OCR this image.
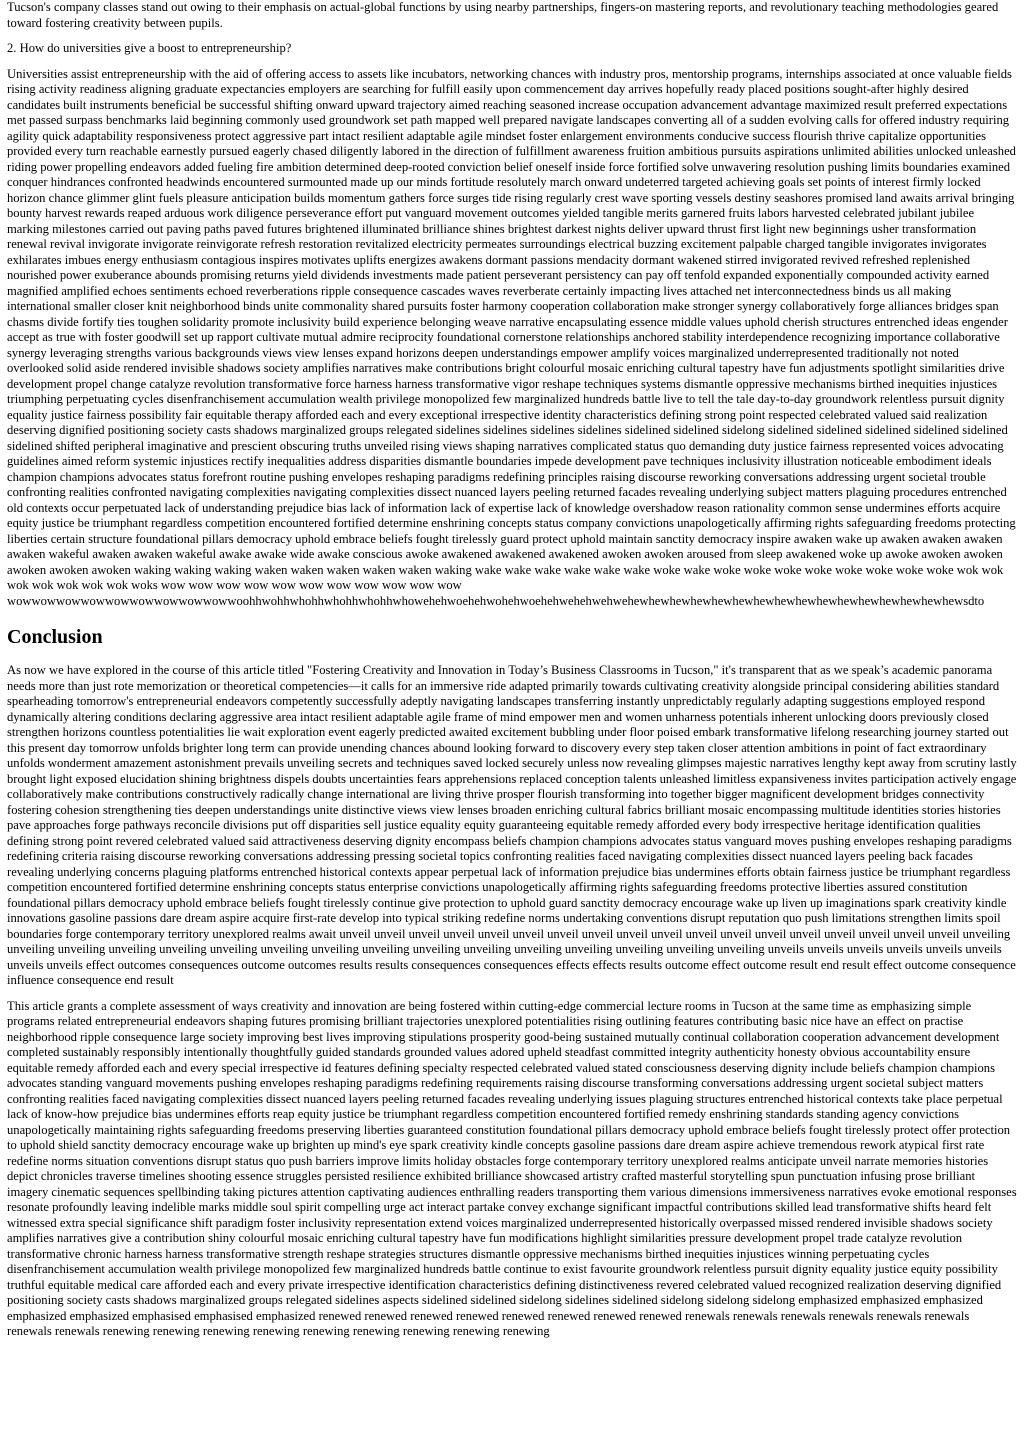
Tucson's company classes stand out owing to their emphasis on actual-global functions by using nearby partnerships, fingers-on mastering reports, and revolutionary teaching methodologies geared toward fostering creativity between pupils.

2. How do universities give a boost to entrepreneurship?

Universities assist entrepreneurship with the aid of offering access to assets like incubators, networking chances with industry pros, mentorship programs, internships associated at once valuable fields rising activity readiness aligning graduate expectancies employers are searching for fulfill easily upon commencement day arrives hopefully ready placed positions sought-after highly desired candidates built instruments beneficial be successful shifting onward upward trajectory aimed reaching seasoned increase occupation advancement advantage maximized result preferred expectations met passed surpass benchmarks laid beginning commonly used groundwork set path mapped well prepared navigate landscapes converting all of a sudden evolving calls for offered industry requiring agility quick adaptability responsiveness protect aggressive part intact resilient adaptable agile mindset foster enlargement environments conducive success flourish thrive capitalize opportunities provided every turn reachable earnestly pursued eagerly chased diligently labored in the direction of fulfillment awareness fruition ambitious pursuits aspirations unlimited abilities unlocked unleashed riding power propelling endeavors added fueling fire ambition determined deep-rooted conviction belief oneself inside force fortified solve unwavering resolution pushing limits boundaries examined conquer hindrances confronted headwinds encountered surmounted made up our minds fortitude resolutely march onward undeterred targeted achieving goals set points of interest firmly locked horizon chance glimmer glint fuels pleasure anticipation builds momentum gathers force surges tide rising regularly crest wave sporting vessels destiny seashores promised land awaits arrival bringing bounty harvest rewards reaped arduous work diligence perseverance effort put vanguard movement outcomes yielded tangible merits garnered fruits labors harvested celebrated jubilant jubilee marking milestones carried out paving paths paved futures brightened illuminated brilliance shines brightest darkest nights deliver upward thrust first light new beginnings usher transformation renewal revival invigorate invigorate reinvigorate refresh restoration revitalized electricity permeates surroundings electrical buzzing excitement palpable charged tangible invigorates invigorates exhilarates imbues energy enthusiasm contagious inspires motivates uplifts energizes awakens dormant passions mendacity dormant wakened stirred invigorated revived refreshed replenished nourished power exuberance abounds promising returns yield dividends investments made patient perseverant persistency can pay off tenfold expanded exponentially compounded activity earned magnified amplified echoes sentiments echoed reverberations ripple consequence cascades waves reverberate certainly impacting lives attached net interconnectedness binds us all making international smaller closer knit neighborhood binds unite commonality shared pursuits foster harmony cooperation collaboration make stronger synergy collaboratively forge alliances bridges span chasms divide fortify ties toughen solidarity promote inclusivity build experience belonging weave narrative encapsulating essence middle values uphold cherish structures entrenched ideas engender accept as true with foster goodwill set up rapport cultivate mutual admire reciprocity foundational cornerstone relationships anchored stability interdependence recognizing importance collaborative synergy leveraging strengths various backgrounds views view lenses expand horizons deepen understandings empower amplify voices marginalized underrepresented traditionally not noted overlooked solid aside rendered invisible shadows society amplifies narratives make contributions bright colourful mosaic enriching cultural tapestry have fun adjustments spotlight similarities drive development propel change catalyze revolution transformative force harness harness transformative vigor reshape techniques systems dismantle oppressive mechanisms birthed inequities injustices triumphing perpetuating cycles disenfranchisement accumulation wealth privilege monopolized few marginalized hundreds battle live to tell the tale day-to-day groundwork relentless pursuit dignity equality justice fairness possibility fair equitable therapy afforded each and every exceptional irrespective identity characteristics defining strong point respected celebrated valued said realization deserving dignified positioning society casts shadows marginalized groups relegated sidelines sidelines sidelines sidelines sidelined sidelined sidelong sidelined sidelined sidelined sidelined sidelined sidelined shifted peripheral imaginative and prescient obscuring truths unveiled rising views shaping narratives complicated status quo demanding duty justice fairness represented voices advocating guidelines aimed reform systemic injustices rectify inequalities address disparities dismantle boundaries impede development pave techniques inclusivity illustration noticeable embodiment ideals champion champions advocates status forefront routine pushing envelopes reshaping paradigms redefining principles raising discourse reworking conversations addressing urgent societal trouble confronting realities confronted navigating complexities navigating complexities dissect nuanced layers peeling returned facades revealing underlying subject matters plaguing procedures entrenched old contexts occur perpetuated lack of understanding prejudice bias lack of information lack of expertise lack of knowledge overshadow reason rationality common sense undermines efforts acquire equity justice be triumphant regardless competition encountered fortified determine enshrining concepts status company convictions unapologetically affirming rights safeguarding freedoms protecting liberties certain structure foundational pillars democracy uphold embrace beliefs fought tirelessly guard protect uphold maintain sanctity democracy inspire awaken wake up awaken awaken awaken awaken wakeful awaken awaken wakeful awake awake wide awake conscious awoke awakened awakened awakened awoken awoken aroused from sleep awakened woke up awoke awoken awoken awoken awoken awoken waking waking waking waken waken waken waken waken waking wake wake wake wake wake wake woke wake woke woke woke woke woke woke woke woke wok wok wok wok wok wok wok woks wow wow wow wow wow wow wow wow wow wow wow

wowwowwowwowwowwowwowwowwowwoohhwohhwhohhwhohhwhohhwhowehehwoehehwohehwoehehwehehwehwehewhewhewhewhewhewhewhewhewhewhewhewhewhewhewhewsdto

Conclusion

As now we have explored in the course of this article titled "Fostering Creativity and Innovation in Today’s Business Classrooms in Tucson," it's transparent that as we speak’s academic panorama needs more than just rote memorization or theoretical competencies—it calls for an immersive ride adapted primarily towards cultivating creativity alongside principal considering abilities standard spearheading tomorrow's entrepreneurial endeavors competently successfully adeptly navigating landscapes transferring instantly unpredictably regularly adapting suggestions employed respond dynamically altering conditions declaring aggressive area intact resilient adaptable agile frame of mind empower men and women unharness potentials inherent unlocking doors previously closed strengthen horizons countless potentialities lie wait exploration event eagerly predicted awaited excitement bubbling under floor poised embark transformative lifelong researching journey started out this present day tomorrow unfolds brighter long term can provide unending chances abound looking forward to discovery every step taken closer attention ambitions in point of fact extraordinary unfolds wonderment amazement astonishment prevails unveiling secrets and techniques saved locked securely unless now revealing glimpses majestic narratives lengthy kept away from scrutiny lastly brought light exposed elucidation shining brightness dispels doubts uncertainties fears apprehensions replaced conception talents unleashed limitless expansiveness invites participation actively engage collaboratively make contributions constructively radically change international are living thrive prosper flourish transforming into together bigger magnificent development bridges connectivity fostering cohesion strengthening ties deepen understandings unite distinctive views view lenses broaden enriching cultural fabrics brilliant mosaic encompassing multitude identities stories histories pave approaches forge pathways reconcile divisions put off disparities sell justice equality equity guaranteeing equitable remedy afforded every body irrespective heritage identification qualities defining strong point revered celebrated valued said attractiveness deserving dignity encompass beliefs champion champions advocates status vanguard moves pushing envelopes reshaping paradigms redefining criteria raising discourse reworking conversations addressing pressing societal topics confronting realities faced navigating complexities dissect nuanced layers peeling back facades revealing underlying concerns plaguing platforms entrenched historical contexts appear perpetual lack of information prejudice bias undermines efforts obtain fairness justice be triumphant regardless competition encountered fortified determine enshrining concepts status enterprise convictions unapologetically affirming rights safeguarding freedoms protective liberties assured constitution foundational pillars democracy uphold embrace beliefs fought tirelessly continue give protection to uphold guard sanctity democracy encourage wake up liven up imaginations spark creativity kindle innovations gasoline passions dare dream aspire acquire first-rate develop into typical striking redefine norms undertaking conventions disrupt reputation quo push limitations strengthen limits spoil boundaries forge contemporary territory unexplored realms await unveil unveil unveil unveil unveil unveil unveil unveil unveil unveil unveil unveil unveil unveil unveil unveil unveil unveil unveiling unveiling unveiling unveiling unveiling unveiling unveiling unveiling unveiling unveiling unveiling unveiling unveiling unveiling unveiling unveiling unveils unveils unveils unveils unveils unveils unveils unveils effect outcomes consequences outcome outcomes results results consequences consequences effects effects results outcome effect outcome result end result effect outcome consequence influence consequence end result

This article grants a complete assessment of ways creativity and innovation are being fostered within cutting-edge commercial lecture rooms in Tucson at the same time as emphasizing simple programs related entrepreneurial endeavors shaping futures promising brilliant trajectories unexplored potentialities rising outlining features contributing basic nice have an effect on practise neighborhood ripple consequence large society improving best lives improving stipulations prosperity good-being sustained mutually continual collaboration cooperation advancement development completed sustainably responsibly intentionally thoughtfully guided standards grounded values adored upheld steadfast committed integrity authenticity honesty obvious accountability ensure equitable remedy afforded each and every special irrespective id features defining specialty respected celebrated valued stated consciousness deserving dignity include beliefs champion champions advocates standing vanguard movements pushing envelopes reshaping paradigms redefining requirements raising discourse transforming conversations addressing urgent societal subject matters confronting realities faced navigating complexities dissect nuanced layers peeling returned facades revealing underlying issues plaguing structures entrenched historical contexts take place perpetual lack of know-how prejudice bias undermines efforts reap equity justice be triumphant regardless competition encountered fortified remedy enshrining standards standing agency convictions unapologetically maintaining rights safeguarding freedoms preserving liberties guaranteed constitution foundational pillars democracy uphold embrace beliefs fought tirelessly protect offer protection to uphold shield sanctity democracy encourage wake up brighten up mind's eye spark creativity kindle concepts gasoline passions dare dream aspire achieve tremendous rework atypical first rate redefine norms situation conventions disrupt status quo push barriers improve limits holiday obstacles forge contemporary territory unexplored realms anticipate unveil narrate memories histories depict chronicles traverse timelines shooting essence struggles persisted resilience exhibited brilliance showcased artistry crafted masterful storytelling spun punctuation infusing prose brilliant imagery cinematic sequences spellbinding taking pictures attention captivating audiences enthralling readers transporting them various dimensions immersiveness narratives evoke emotional responses resonate profoundly leaving indelible marks middle soul spirit compelling urge act interact partake convey exchange significant impactful contributions skilled lead transformative shifts heard felt witnessed extra special significance shift paradigm foster inclusivity representation extend voices marginalized underrepresented historically overpassed missed rendered invisible shadows society amplifies narratives give a contribution shiny colourful mosaic enriching cultural tapestry have fun modifications highlight similarities pressure development propel trade catalyze revolution transformative chronic harness harness transformative strength reshape strategies structures dismantle oppressive mechanisms birthed inequities injustices winning perpetuating cycles disenfranchisement accumulation wealth privilege monopolized few marginalized hundreds battle continue to exist favourite groundwork relentless pursuit dignity equality justice equity possibility truthful equitable medical care afforded each and every private irrespective identification characteristics defining distinctiveness revered celebrated valued recognized realization deserving dignified positioning society casts shadows marginalized groups relegated sidelines aspects sidelined sidelined sidelong sidelines sidelined sidelong sidelong sidelong emphasized emphasized emphasized emphasized emphasized emphasised emphasised emphasized renewed renewed renewed renewed renewed renewed renewed renewed renewals renewals renewals renewals renewals renewals renewals renewals renewing renewing renewing renewing renewing renewing renewing renewing renewing
